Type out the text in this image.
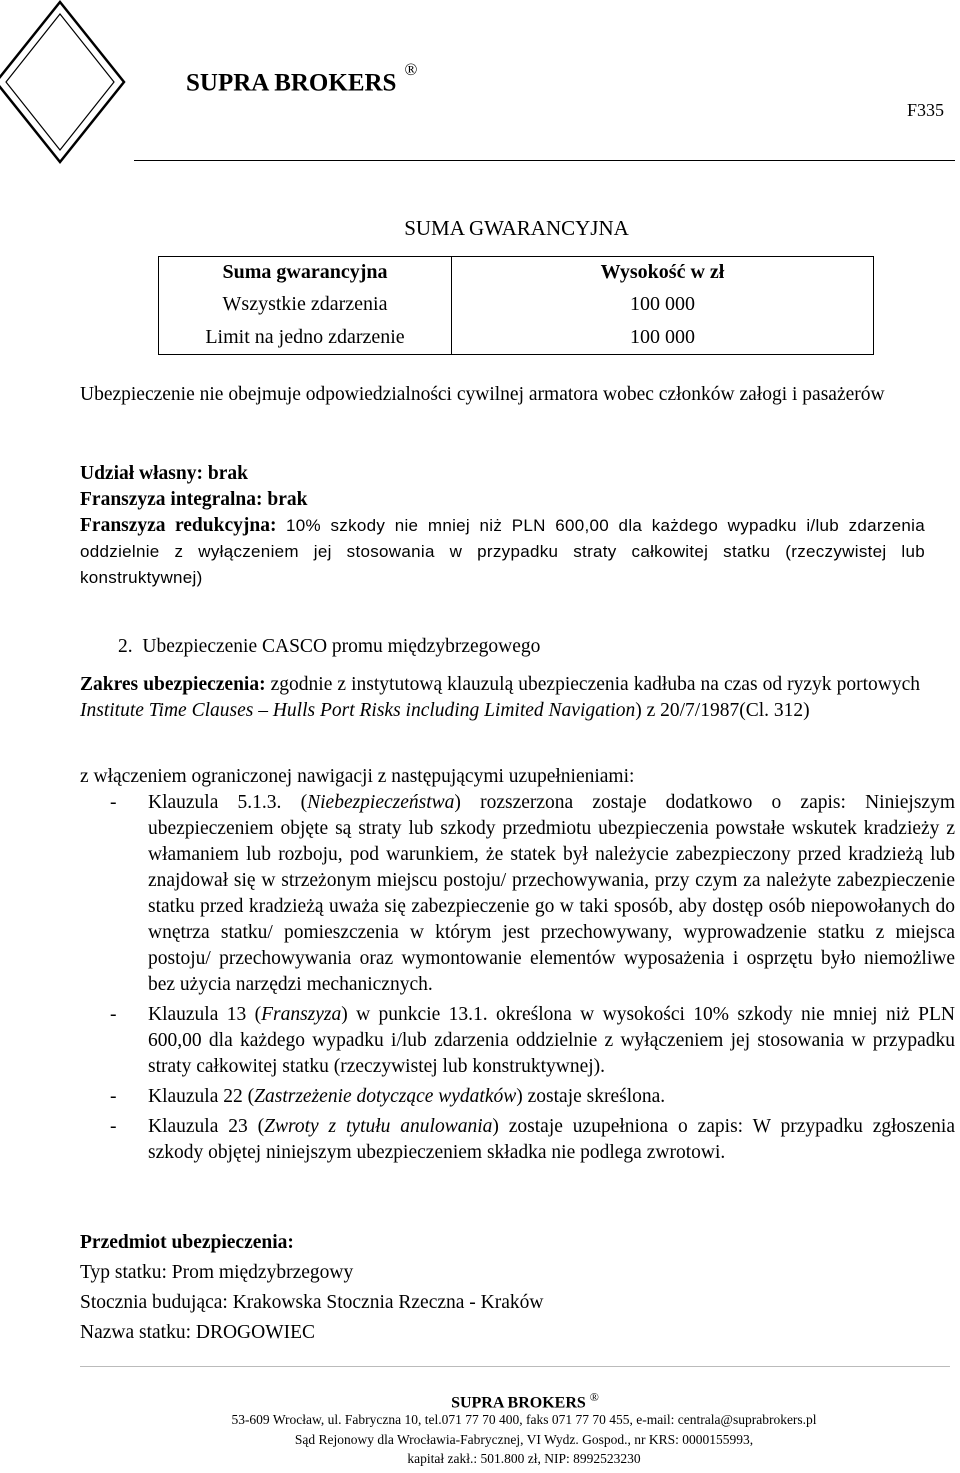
SUPRA BROKERS ®
F335
SUMA GWARANCYJNA
Suma gwarancyjna	Wysokość w zł
Wszystkie zdarzenia	100 000
Limit na jedno zdarzenie	100 000
Ubezpieczenie nie obejmuje odpowiedzialności cywilnej armatora wobec członków załogi i pasażerów
Udział własny: brak
Franszyza integralna: brak
Franszyza redukcyjna: 10% szkody nie mniej niż PLN 600,00 dla każdego wypadku i/lub zdarzenia oddzielnie z wyłączeniem jej stosowania w przypadku straty całkowitej statku (rzeczywistej lub konstruktywnej)
2. Ubezpieczenie CASCO promu międzybrzegowego
Zakres ubezpieczenia: zgodnie z instytutową klauzulą ubezpieczenia kadłuba na czas od ryzyk portowych Institute Time Clauses – Hulls Port Risks including Limited Navigation) z 20/7/1987(Cl. 312)
z włączeniem ograniczonej nawigacji z następującymi uzupełnieniami:

- Klauzula 5.1.3. (Niebezpieczeństwa) rozszerzona zostaje dodatkowo o zapis: Niniejszym ubezpieczeniem objęte są straty lub szkody przedmiotu ubezpieczenia powstałe wskutek kradzieży z włamaniem lub rozboju, pod warunkiem, że statek był należycie zabezpieczony przed kradzieżą lub znajdował się w strzeżonym miejscu postoju/ przechowywania, przy czym za należyte zabezpieczenie statku przed kradzieżą uważa się zabezpieczenie go w taki sposób, aby dostęp osób niepowołanych do wnętrza statku/ pomieszczenia w którym jest przechowywany, wyprowadzenie statku z miejsca postoju/ przechowywania oraz wymontowanie elementów wyposażenia i osprzętu było niemożliwe bez użycia narzędzi mechanicznych.

- Klauzula 13 (Franszyza) w punkcie 13.1. określona w wysokości 10% szkody nie mniej niż PLN 600,00 dla każdego wypadku i/lub zdarzenia oddzielnie z wyłączeniem jej stosowania w przypadku straty całkowitej statku (rzeczywistej lub konstruktywnej).

- Klauzula 22 (Zastrzeżenie dotyczące wydatków) zostaje skreślona.

- Klauzula 23 (Zwroty z tytułu anulowania) zostaje uzupełniona o zapis: W przypadku zgłoszenia szkody objętej niniejszym ubezpieczeniem składka nie podlega zwrotowi.

Przedmiot ubezpieczenia:
Typ statku: Prom międzybrzegowy
Stocznia budująca: Krakowska Stocznia Rzeczna - Kraków
Nazwa statku: DROGOWIEC
SUPRA BROKERS ®
53-609 Wrocław, ul. Fabryczna 10, tel.071 77 70 400, faks 071 77 70 455, e-mail: centrala@suprabrokers.pl
Sąd Rejonowy dla Wrocławia-Fabrycznej, VI Wydz. Gospod., nr KRS: 0000155993,
kapitał zakł.: 501.800 zł, NIP: 8992523230
